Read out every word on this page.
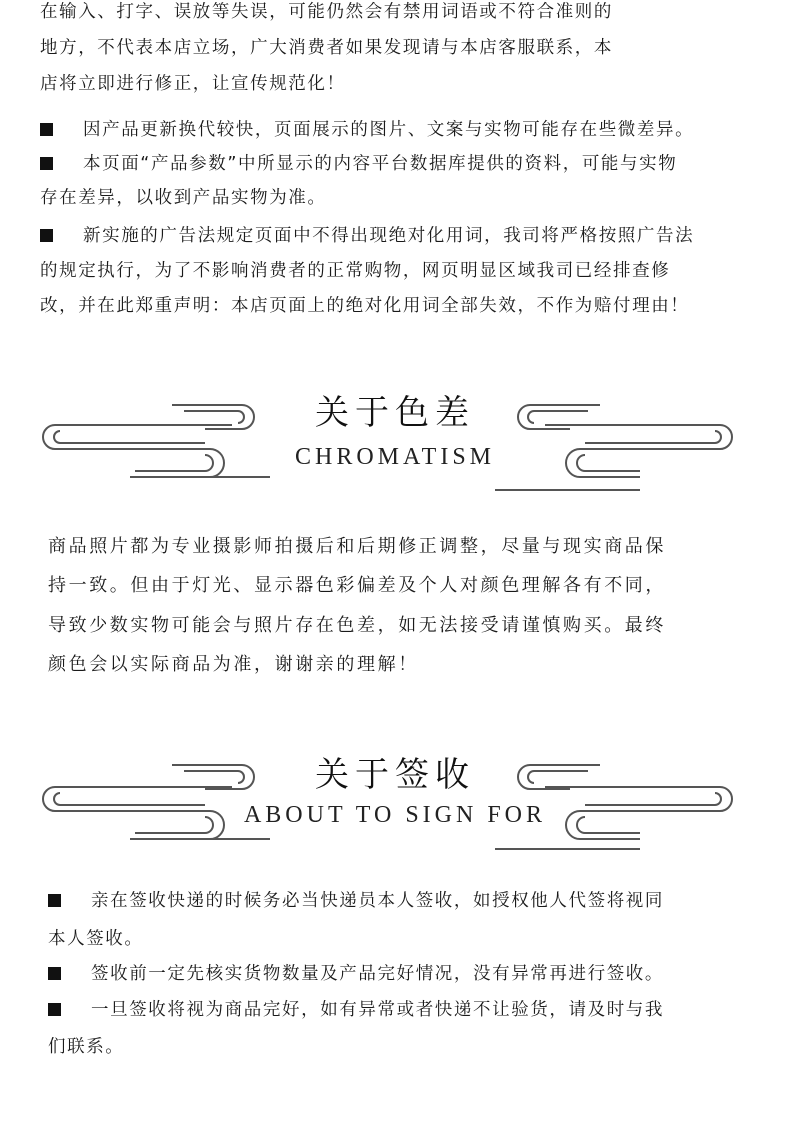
在输入、打字、误放等失误，可能仍然会有禁用词语或不符合准则的

地方，不代表本店立场，广大消费者如果发现请与本店客服联系，本

店将立即进行修正，让宣传规范化！

因产品更新换代较快，页面展示的图片、文案与实物可能存在些微差异。
本页面“产品参数”中所显示的内容平台数据库提供的资料，可能与实物

存在差异，以收到产品实物为准。

新实施的广告法规定页面中不得出现绝对化用词，我司将严格按照广告法

的规定执行，为了不影响消费者的正常购物，网页明显区域我司已经排查修

改，并在此郑重声明：本店页面上的绝对化用词全部失效，不作为赔付理由！

关于色差
CHROMATISM

商品照片都为专业摄影师拍摄后和后期修正调整，尽量与现实商品保

持一致。但由于灯光、显示器色彩偏差及个人对颜色理解各有不同，

导致少数实物可能会与照片存在色差，如无法接受请谨慎购买。最终

颜色会以实际商品为准，谢谢亲的理解！

关于签收
ABOUT TO SIGN FOR
亲在签收快递的时候务必当快递员本人签收，如授权他人代签将视同

本人签收。

签收前一定先核实货物数量及产品完好情况，没有异常再进行签收。
一旦签收将视为商品完好，如有异常或者快递不让验货，请及时与我

们联系。
